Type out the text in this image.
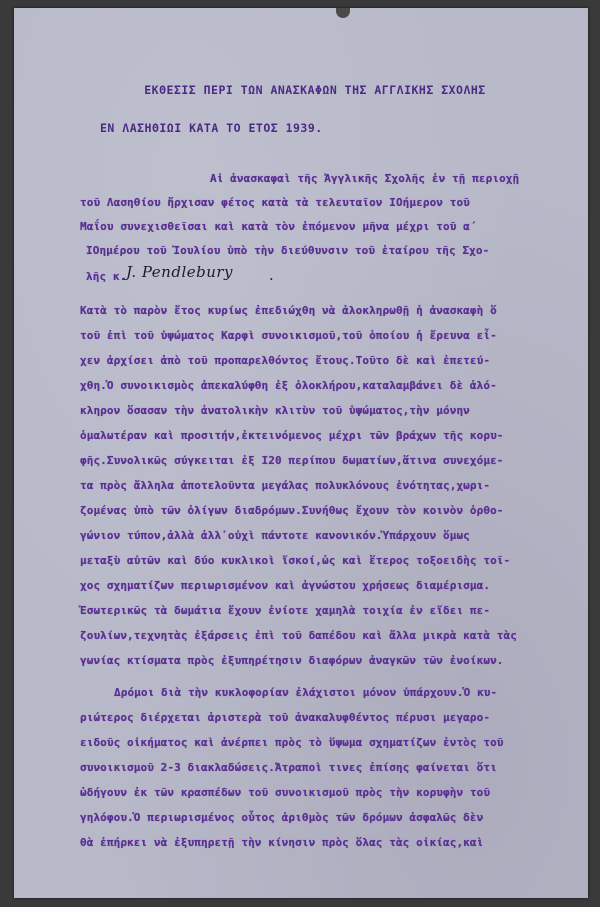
ΕΚΘΕΣΙΣ ΠΕΡΙ ΤΩΝ ΑΝΑΣΚΑΦΩΝ ΤΗΣ ΑΓΓΛΙΚΗΣ ΣΧΟΛΗΣ
ΕΝ ΛΑΣΗΘΙΩΙ ΚΑΤΑ ΤΟ ΕΤΟΣ 1939.
Αἱ ἀνασκαφαὶ τῆς Ἀγγλικῆς Σχολῆς ἐν τῇ περιοχῇ
τοῦ Λασηθίου ἤρχισαν φέτος κατὰ τὰ τελευταῖον ΙΟήμερον τοῦ
Μαΐου συνεχισθεῖσαι καὶ κατὰ τὸν ἑπόμενον μῆνα μέχρι τοῦ α΄
ΙΟημέρου τοῦ Ἰουλίου ὑπὸ τὴν διεύθυνσιν τοῦ ἑταίρου τῆς Σχο-
λῆς κ. J. Pendlebury .
Κατὰ τὸ παρὸν ἔτος κυρίως ἐπεδιώχθη νὰ ἀλοκληρωθῇ ἡ ἀνασκαφὴ ὅ
τοῦ ἐπὶ τοῦ ὑψώματος Καρφὶ συνοικισμοῦ,τοῦ ὁποίου ἡ ἔρευνα εἶ-
χεν ἀρχίσει ἀπὸ τοῦ προπαρελθόντος ἔτους.Τοῦτο δὲ καὶ ἐπετεύ-
χθη.Ὁ συνοικισμὸς ἀπεκαλύφθη ἐξ ὁλοκλήρου,καταλαμβάνει δὲ ἁλό-
κληρον ὅσασαν τὴν ἀνατολικὴν κλιτὺν τοῦ ὑψώματος,τὴν μόνην
ὁμαλωτέραν καὶ προσιτήν,ἐκτεινόμενος μέχρι τῶν βράχων τῆς κορυ-
φῆς.Συνολικῶς σύγκειται ἐξ Ι20 περίπου δωματίων,ἅτινα συνεχόμε-
τα πρὸς ἄλληλα ἀποτελοῦντα μεγάλας πολυκλόνους ἑνότητας,χωρι-
ζομένας ὑπὸ τῶν ὀλίγων διαδρόμων.Συνήθως ἔχουν τὸν κοινὸν ὀρθο-
γώνιον τύπον,ἀλλὰ ἀλλ᾽οὐχὶ πάντοτε κανονικόν.Ὑπάρχουν ὅμως
μεταξὺ αὐτῶν καὶ δύο κυκλικοὶ ἴσκοί,ὡς καὶ ἕτερος τοξοειδὴς τοῖ-
χος σχηματίζων περιωρισμένον καὶ ἀγνώστου χρήσεως διαμέρισμα.
Ἐσωτερικῶς τὰ δωμάτια ἔχουν ἐνίοτε χαμηλὰ τοιχία ἐν εἴδει πε-
ζουλίων,τεχνητὰς ἐξάρσεις ἐπὶ τοῦ δαπέδου καὶ ἄλλα μικρὰ κατὰ τὰς
γωνίας κτίσματα πρὸς ἐξυπηρέτησιν διαφόρων ἀναγκῶν τῶν ἐνοίκων.
Δρόμοι διὰ τὴν κυκλοφορίαν ἐλάχιστοι μόνον ὑπάρχουν.Ὁ κυ-
ριώτερος διέρχεται ἀριστερὰ τοῦ ἀνακαλυφθέντος πέρυσι μεγαρο-
ειδοῦς οἰκήματος καὶ ἀνέρπει πρὸς τὸ ὕψωμα σχηματίζων ἐντὸς τοῦ
συνοικισμοῦ 2-3 διακλαδώσεις.Ἀτραποὶ τινες ἐπίσης φαίνεται ὅτι
ὡδήγουν ἐκ τῶν κρασπέδων τοῦ συνοικισμοῦ πρὸς τὴν κορυφὴν τοῦ
γηλόφου.Ὁ περιωρισμένος οὗτος ἀριθμὸς τῶν δρόμων ἀσφαλῶς δὲν
θὰ ἐπήρκει νὰ ἐξυπηρετῇ τὴν κίνησιν πρὸς ὅλας τὰς οἰκίας,καὶ
